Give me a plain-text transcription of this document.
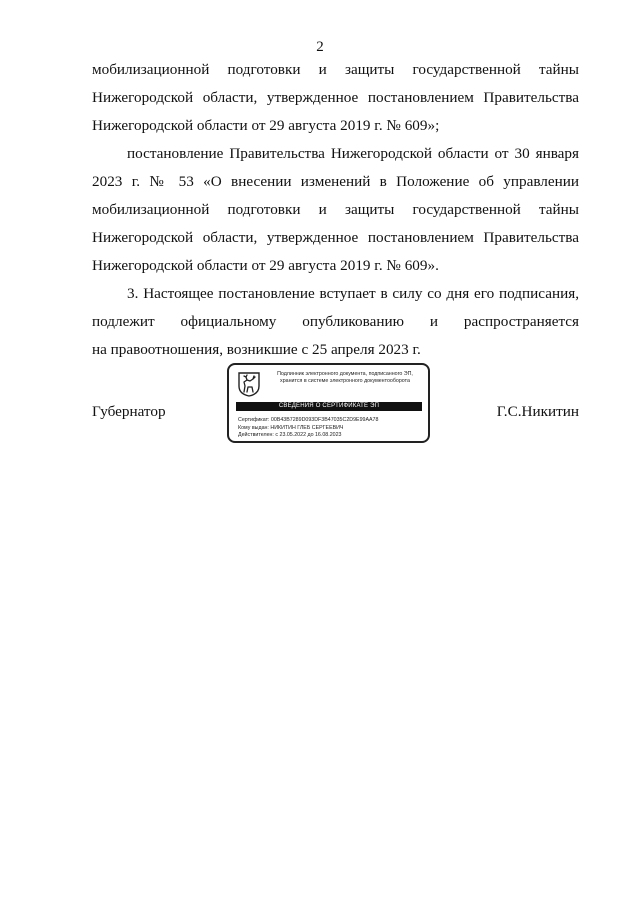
2
мобилизационной подготовки и защиты государственной тайны
Нижегородской области, утвержденное постановлением Правительства
Нижегородской области от 29 августа 2019 г. № 609»;
постановление Правительства Нижегородской области от 30 января
2023 г. № 53 «О внесении изменений в Положение об управлении
мобилизационной подготовки и защиты государственной тайны
Нижегородской области, утвержденное постановлением Правительства
Нижегородской области от 29 августа 2019 г. № 609».
3. Настоящее постановление вступает в силу со дня его подписания,
подлежит официальному опубликованию и распространяется
на правоотношения, возникшие с 25 апреля 2023 г.
Губернатор	Г.С.Никитин
Подлинник электронного документа, подписанного ЭП,
хранится в системе электронного документооборота
СВЕДЕНИЯ О СЕРТИФИКАТЕ ЭП
Сертификат: 00B43B7289D093DF3B47035C2D9E99AA78
Кому выдан: НИКИТИН ГЛЕБ СЕРГЕЕВИЧ
Действителен: с 23.05.2022 до 16.08.2023
